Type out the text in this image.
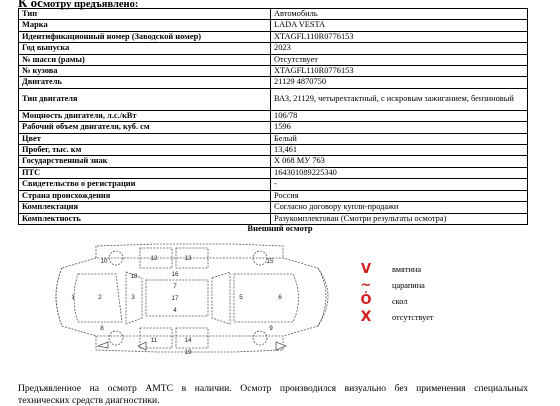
К осмотру предъявлено:
Тип	Автомобиль
Марка	LADA VESTA
Идентификационный номер (Заводской номер)	XTAGFL110R0776153
Год выпуска	2023
№ шасси (рамы)	Отсутствует
№ кузова	XTAGFL110R0776153
Двигатель	21129 4870750
Тип двигателя	ВАЗ, 21129, четырехтактный, с искровым зажиганием, бензиновый
Мощность двигателя, л.с./кВт	106/78
Рабочий объем двигателя, куб. см	1596
Цвет	Белый
Пробег, тыс. км	13,461
Государственный знак	Х 068 МУ 763
ПТС	164301089225340
Свидетельство о регистрации	-
Страна происхождения	Россия
Комплектация	Согласно договору купли-продажи
Комплектность	Разукомплектован (Смотри результаты осмотра)
Внешний осмотр
1	2	3
4
5	6
7
8	9
10
11
12	13
14
15
16
17
18
19
V	вмятина
~	царапина
Ȯ скол
X	отсутствует
Предъявленное на осмотр АМТС в наличии. Осмотр производился визуально без применения специальных
технических средств диагностики.
